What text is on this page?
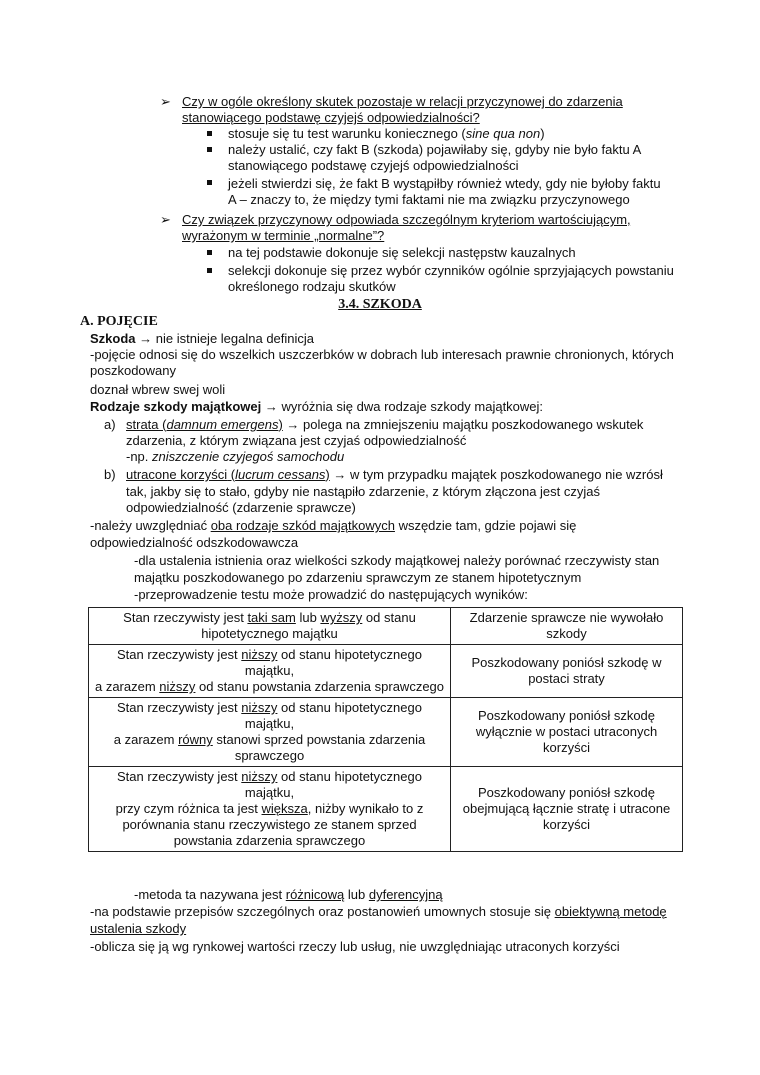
➢ Czy w ogóle określony skutek pozostaje w relacji przyczynowej do zdarzenia
stanowiącego podstawę czyjejś odpowiedzialności?
stosuje się tu test warunku koniecznego (sine qua non)
należy ustalić, czy fakt B (szkoda) pojawiłaby się, gdyby nie było faktu A
stanowiącego podstawę czyjejś odpowiedzialności
jeżeli stwierdzi się, że fakt B wystąpiłby również wtedy, gdy nie byłoby faktu
A – znaczy to, że między tymi faktami nie ma związku przyczynowego
➢ Czy związek przyczynowy odpowiada szczególnym kryteriom wartościującym,
wyrażonym w terminie „normalne”?
na tej podstawie dokonuje się selekcji następstw kauzalnych
selekcji dokonuje się przez wybór czynników ogólnie sprzyjających powstaniu
określonego rodzaju skutków
3.4. SZKODA
A. POJĘCIE
Szkoda → nie istnieje legalna definicja
-pojęcie odnosi się do wszelkich uszczerbków w dobrach lub interesach prawnie chronionych, których
poszkodowany
doznał wbrew swej woli
Rodzaje szkody majątkowej → wyróżnia się dwa rodzaje szkody majątkowej:
a) strata (damnum emergens) → polega na zmniejszeniu majątku poszkodowanego wskutek
zdarzenia, z którym związana jest czyjaś odpowiedzialność
-np. zniszczenie czyjegoś samochodu
b) utracone korzyści (lucrum cessans) → w tym przypadku majątek poszkodowanego nie wzrósł
tak, jakby się to stało, gdyby nie nastąpiło zdarzenie, z którym złączona jest czyjaś
odpowiedzialność (zdarzenie sprawcze)
-należy uwzględniać oba rodzaje szkód majątkowych wszędzie tam, gdzie pojawi się
odpowiedzialność odszkodowawcza
-dla ustalenia istnienia oraz wielkości szkody majątkowej należy porównać rzeczywisty stan
majątku poszkodowanego po zdarzeniu sprawczym ze stanem hipotetycznym
-przeprowadzenie testu może prowadzić do następujących wyników:
Stan rzeczywisty jest taki sam lub wyższy od stanu
hipotetycznego majątku	Zdarzenie sprawcze nie wywołało szkody
Stan rzeczywisty jest niższy od stanu hipotetycznego majątku,
a zarazem niższy od stanu powstania zdarzenia sprawczego	Poszkodowany poniósł szkodę w postaci straty
Stan rzeczywisty jest niższy od stanu hipotetycznego majątku,
a zarazem równy stanowi sprzed powstania zdarzenia
sprawczego	Poszkodowany poniósł szkodę wyłącznie w postaci utraconych korzyści
Stan rzeczywisty jest niższy od stanu hipotetycznego majątku,
przy czym różnica ta jest większa, niżby wynikało to z
porównania stanu rzeczywistego ze stanem sprzed
powstania zdarzenia sprawczego	Poszkodowany poniósł szkodę obejmującą łącznie stratę i utracone korzyści
-metoda ta nazywana jest różnicową lub dyferencyjną
-na podstawie przepisów szczególnych oraz postanowień umownych stosuje się obiektywną metodę
ustalenia szkody
-oblicza się ją wg rynkowej wartości rzeczy lub usług, nie uwzględniając utraconych korzyści
